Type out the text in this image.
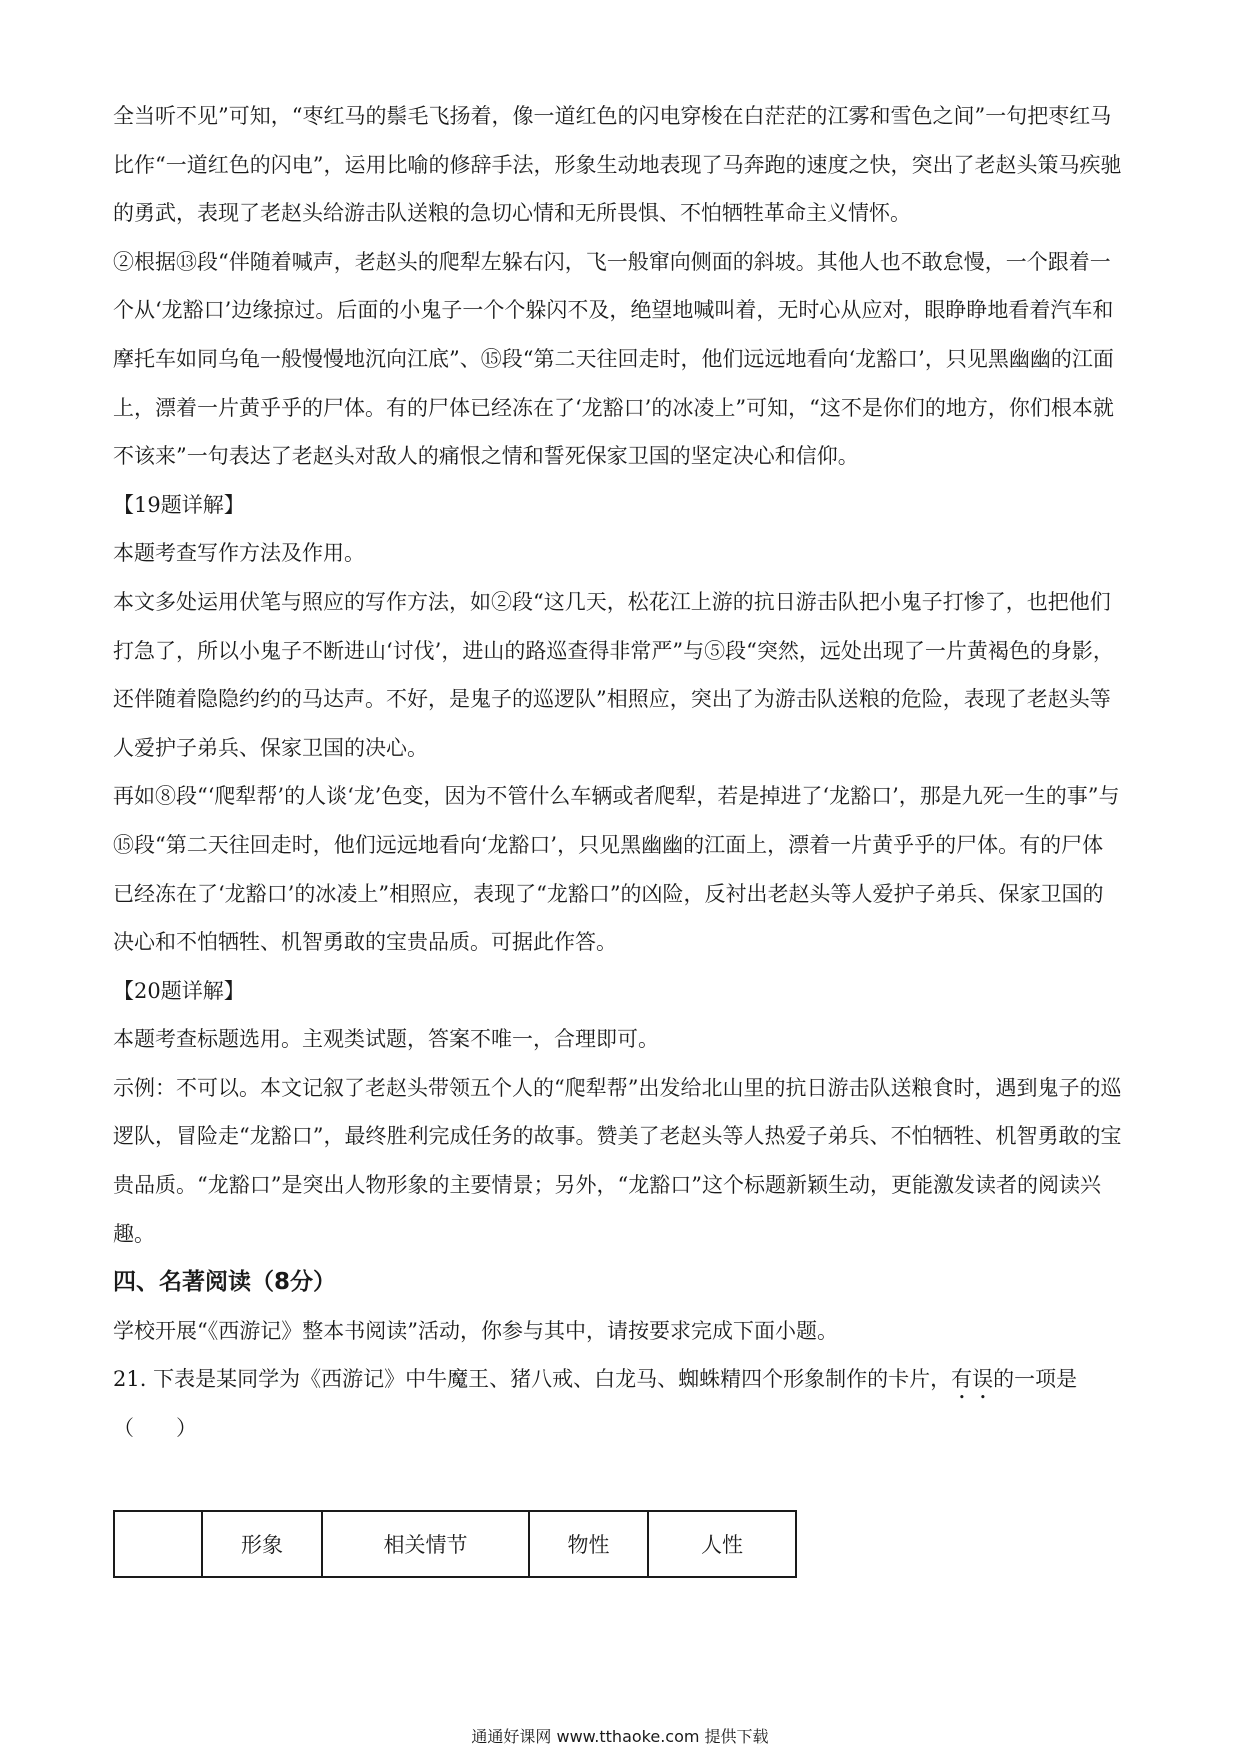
全当听不见”可知，“枣红马的鬃毛飞扬着，像一道红色的闪电穿梭在白茫茫的江雾和雪色之间”一句把枣红马比作“一道红色的闪电”，运用比喻的修辞手法，形象生动地表现了马奔跑的速度之快，突出了老赵头策马疾驰的勇武，表现了老赵头给游击队送粮的急切心情和无所畏惧、不怕牺牲革命主义情怀。

②根据⑬段“伴随着喊声，老赵头的爬犁左躲右闪，飞一般窜向侧面的斜坡。其他人也不敢怠慢，一个跟着一个从‘龙豁口’边缘掠过。后面的小鬼子一个个躲闪不及，绝望地喊叫着，无时心从应对，眼睁睁地看着汽车和摩托车如同乌龟一般慢慢地沉向江底”、⑮段“第二天往回走时，他们远远地看向‘龙豁口’，只见黑幽幽的江面上，漂着一片黄乎乎的尸体。有的尸体已经冻在了‘龙豁口’的冰凌上”可知，“这不是你们的地方，你们根本就不该来”一句表达了老赵头对敌人的痛恨之情和誓死保家卫国的坚定决心和信仰。

【19题详解】

本题考查写作方法及作用。

本文多处运用伏笔与照应的写作方法，如②段“这几天，松花江上游的抗日游击队把小鬼子打惨了，也把他们打急了，所以小鬼子不断进山‘讨伐’，进山的路巡查得非常严”与⑤段“突然，远处出现了一片黄褐色的身影，还伴随着隐隐约约的马达声。不好，是鬼子的巡逻队”相照应，突出了为游击队送粮的危险，表现了老赵头等人爱护子弟兵、保家卫国的决心。

再如⑧段“‘爬犁帮’的人谈‘龙’色变，因为不管什么车辆或者爬犁，若是掉进了‘龙豁口’，那是九死一生的事”与⑮段“第二天往回走时，他们远远地看向‘龙豁口’，只见黑幽幽的江面上，漂着一片黄乎乎的尸体。有的尸体已经冻在了‘龙豁口’的冰凌上”相照应，表现了“龙豁口”的凶险，反衬出老赵头等人爱护子弟兵、保家卫国的决心和不怕牺牲、机智勇敢的宝贵品质。可据此作答。

【20题详解】

本题考查标题选用。主观类试题，答案不唯一，合理即可。

示例：不可以。本文记叙了老赵头带领五个人的“爬犁帮”出发给北山里的抗日游击队送粮食时，遇到鬼子的巡逻队，冒险走“龙豁口”，最终胜利完成任务的故事。赞美了老赵头等人热爱子弟兵、不怕牺牲、机智勇敢的宝贵品质。“龙豁口”是突出人物形象的主要情景；另外，“龙豁口”这个标题新颖生动，更能激发读者的阅读兴趣。

四、名著阅读（8分）

学校开展“《西游记》整本书阅读”活动，你参与其中，请按要求完成下面小题。

21. 下表是某同学为《西游记》中牛魔王、猪八戒、白龙马、蜘蛛精四个形象制作的卡片，有误的一项是

（　　）

	形象	相关情节	物性	人性
通通好课网 www.tthaoke.com 提供下载
